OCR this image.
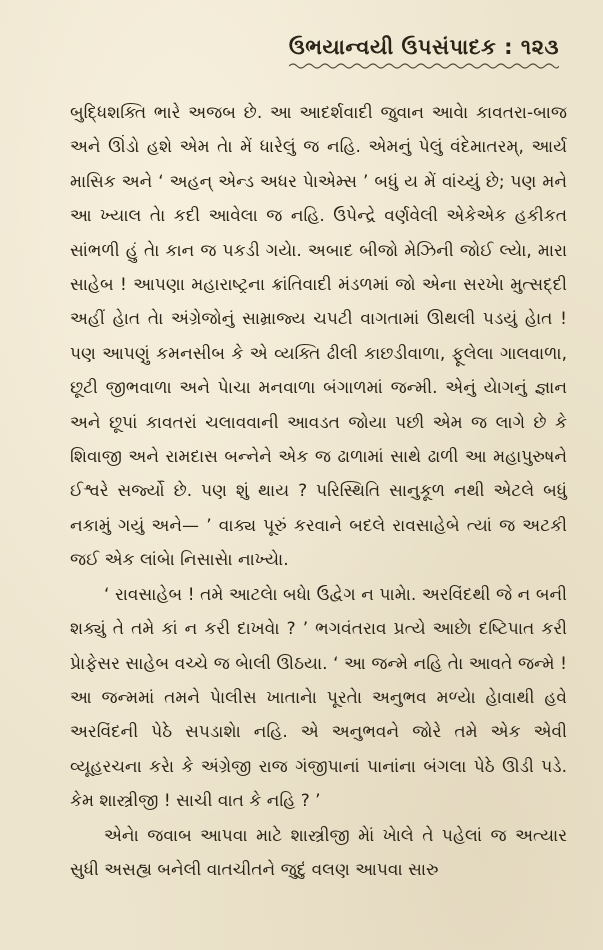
ઉભયાન્વયી ઉપસંપાદક : ૧૨૩

બુદ્ધિશક્તિ ભારે અજબ છે. આ આદર્શવાદી જુવાન આવેા કાવતરા-બાજ અને ઊંડો હશે એમ તેા મેં ધારેલું જ નહિ. એમનું પેલું વંદેમાતરમ્, આર્ય માસિક અને ‘ અહન્ એન્ડ અધર પેાએમ્સ ’ બધું ય મેં વાંચ્યું છે; પણ મને આ ખ્યાલ તેા કદી આવેલા જ નહિ. ઉપેન્દ્રે વર્ણવેલી એકેએક હકીકત સાંભળી હું તેા કાન જ પકડી ગયેા. અબાદ બીજો મેઝિની જોઈ લ્યેા, મારા સાહેબ ! આપણા મહારાષ્ટ્રના ક્રાંતિવાદી મંડળમાં જો એના સરખેા મુત્સદ્દી અહીં હેાત તેા અંગ્રેજોનું સામ્રાજ્ય ચપટી વાગતામાં ઊથલી પડયું હેાત ! પણ આપણું કમનસીબ કે એ વ્યક્તિ ઢીલી કાછડીવાળા, ફૂલેલા ગાલવાળા, છૂટી જીભવાળા અને પેાચા મનવાળા બંગાળમાં જન્મી. એનું યેાગનું જ્ઞાન અને છૂપાં કાવતરાં ચલાવવાની આવડત જોયા પછી એમ જ લાગે છે કે શિવાજી અને રામદાસ બન્નેને એક જ ઢાળામાં સાથે ઢાળી આ મહાપુરુષને ઈશ્વરે સર્જ્યો છે. પણ શું થાય ? પરિસ્થિતિ સાનુકૂળ નથી એટલે બધું નકામું ગયું અને— ’ વાક્ય પૂરું કરવાને બદલે રાવસાહેબે ત્યાં જ અટકી જઈ એક લાંબેા નિસાસેા નાખ્યેા.

‘ રાવસાહેબ ! તમે આટલેા બધેા ઉદ્વેગ ન પામેા. અરવિંદથી જે ન બની શક્યું તે તમે કાં ન કરી દાખવેા ? ’ ભગવંતરાવ પ્રત્યે આછેા દષ્ટિપાત કરી પ્રેાફેસર સાહેબ વચ્ચે જ બેાલી ઊઠયા. ‘ આ જન્મે નહિ તેા આવતે જન્મે ! આ જન્મમાં તમને પેાલીસ ખાતાનેા પૂરતેા અનુભવ મળ્યેા હેાવાથી હવે અરવિંદની પેઠે સપડાશેા નહિ. એ અનુભવને જોરે તમે એક એવી વ્યૂહરચના કરેા કે અંગ્રેજી રાજ ગંજીપાનાં પાનાંના બંગલા પેઠે ઊડી પડે. કેમ શાસ્ત્રીજી ! સાચી વાત કે નહિ ? ’

એનેા જવાબ આપવા માટે શાસ્ત્રીજી મેાં ખેાલે તે પહેલાં જ અત્યાર સુધી અસહ્ય બનેલી વાતચીતને જુદું વલણ આપવા સારુ
